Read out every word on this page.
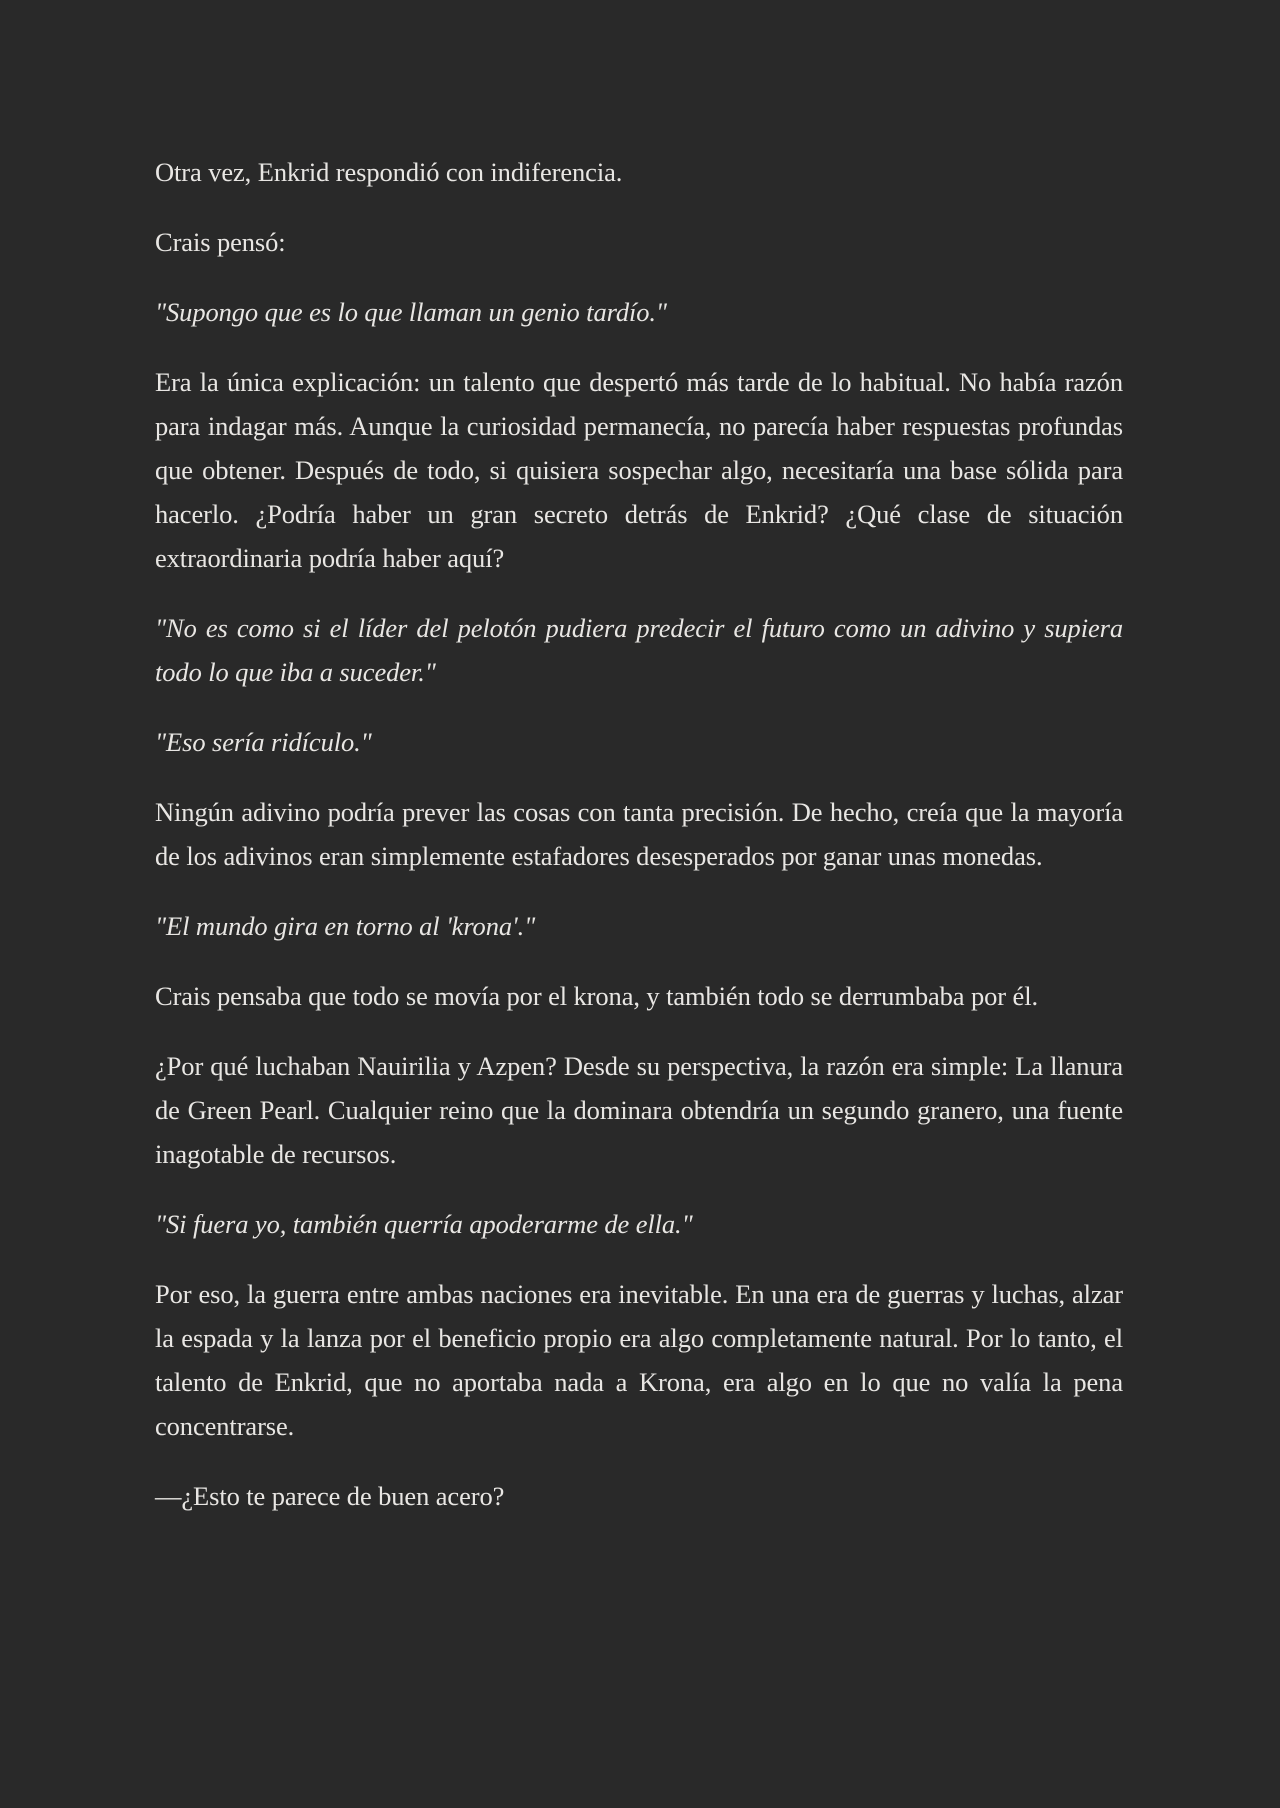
Otra vez, Enkrid respondió con indiferencia.

Crais pensó:

"Supongo que es lo que llaman un genio tardío."

Era la única explicación: un talento que despertó más tarde de lo habitual. No había razón para indagar más. Aunque la curiosidad permanecía, no parecía haber respuestas profundas que obtener. Después de todo, si quisiera sospechar algo, necesitaría una base sólida para hacerlo. ¿Podría haber un gran secreto detrás de Enkrid? ¿Qué clase de situación extraordinaria podría haber aquí?

"No es como si el líder del pelotón pudiera predecir el futuro como un adivino y supiera todo lo que iba a suceder."

"Eso sería ridículo."

Ningún adivino podría prever las cosas con tanta precisión. De hecho, creía que la mayoría de los adivinos eran simplemente estafadores desesperados por ganar unas monedas.

"El mundo gira en torno al 'krona'."

Crais pensaba que todo se movía por el krona, y también todo se derrumbaba por él.

¿Por qué luchaban Nauirilia y Azpen? Desde su perspectiva, la razón era simple: La llanura de Green Pearl. Cualquier reino que la dominara obtendría un segundo granero, una fuente inagotable de recursos.

"Si fuera yo, también querría apoderarme de ella."

Por eso, la guerra entre ambas naciones era inevitable. En una era de guerras y luchas, alzar la espada y la lanza por el beneficio propio era algo completamente natural. Por lo tanto, el talento de Enkrid, que no aportaba nada a Krona, era algo en lo que no valía la pena concentrarse.

—¿Esto te parece de buen acero?
